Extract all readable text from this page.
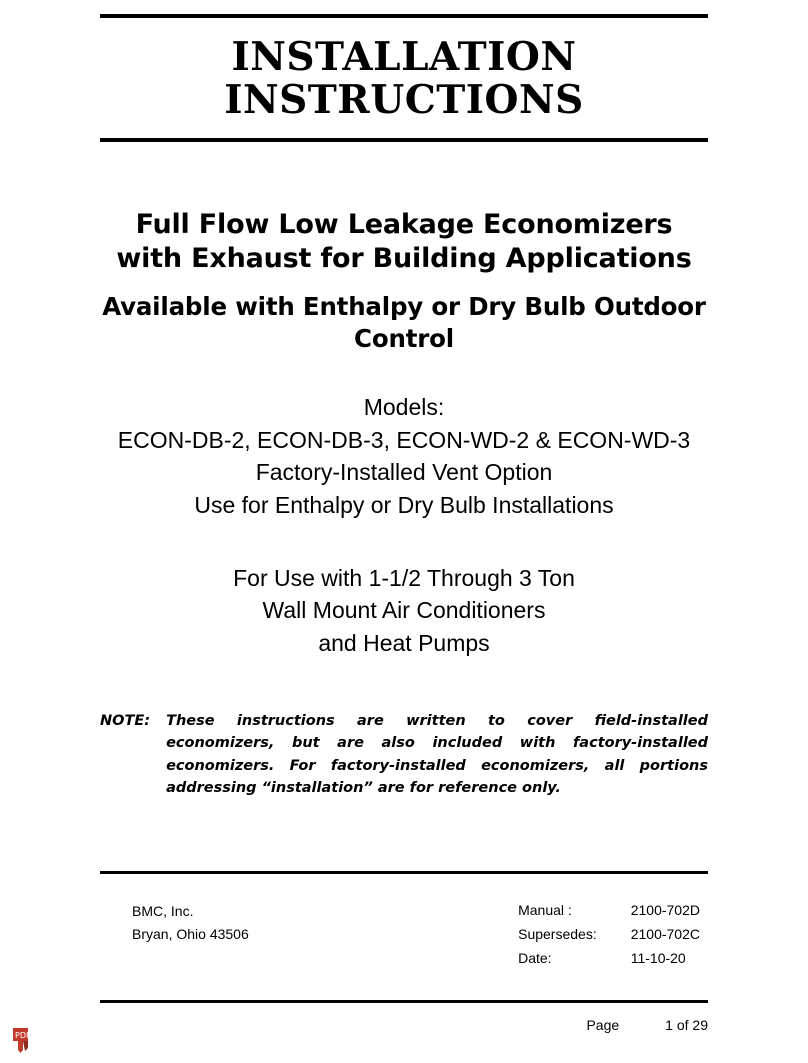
INSTALLATION INSTRUCTIONS
Full Flow Low Leakage Economizers
with Exhaust for Building Applications
Available with Enthalpy or Dry Bulb Outdoor Control
Models:
ECON-DB-2, ECON-DB-3, ECON-WD-2 & ECON-WD-3
Factory-Installed Vent Option
Use for Enthalpy or Dry Bulb Installations
For Use with 1-1/2 Through 3 Ton
Wall Mount Air Conditioners
and Heat Pumps
NOTE:	These instructions are written to cover field-installed economizers, but are also included with factory-installed economizers. For factory-installed economizers, all portions addressing “installation” are for reference only.

BMC, Inc.
Bryan, Ohio 43506
Manual :	2100-702D
Supersedes:	2100-702C
Date:	11-10-20
Page	1 of 29
PDF
